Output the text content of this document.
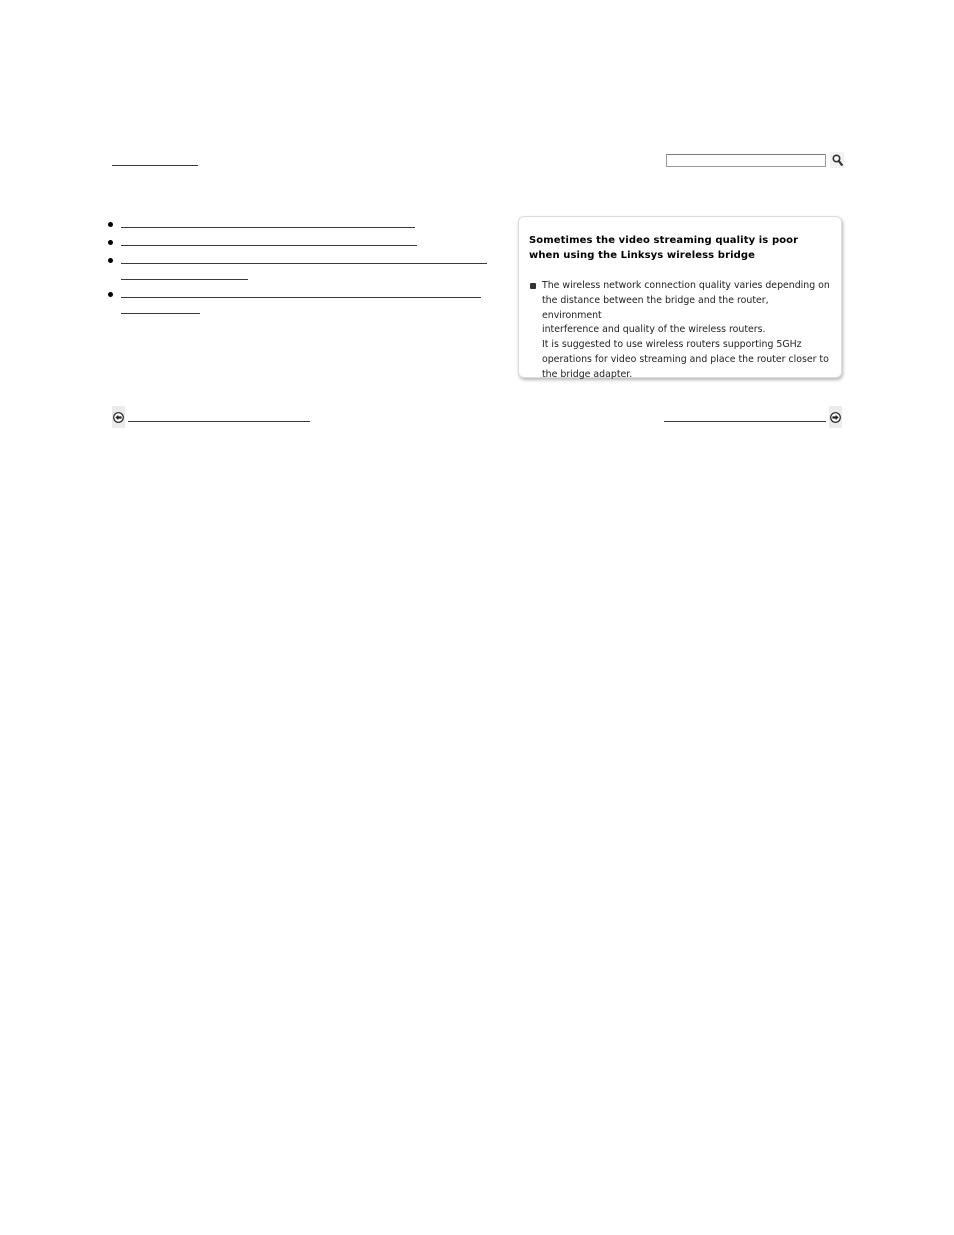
Sometimes the video streaming quality is poor when using the Linksys wireless bridge

The wireless network connection quality varies depending on

the distance between the bridge and the router, environment

interference and quality of the wireless routers.

It is suggested to use wireless routers supporting 5GHz

operations for video streaming and place the router closer to

the bridge adapter.
